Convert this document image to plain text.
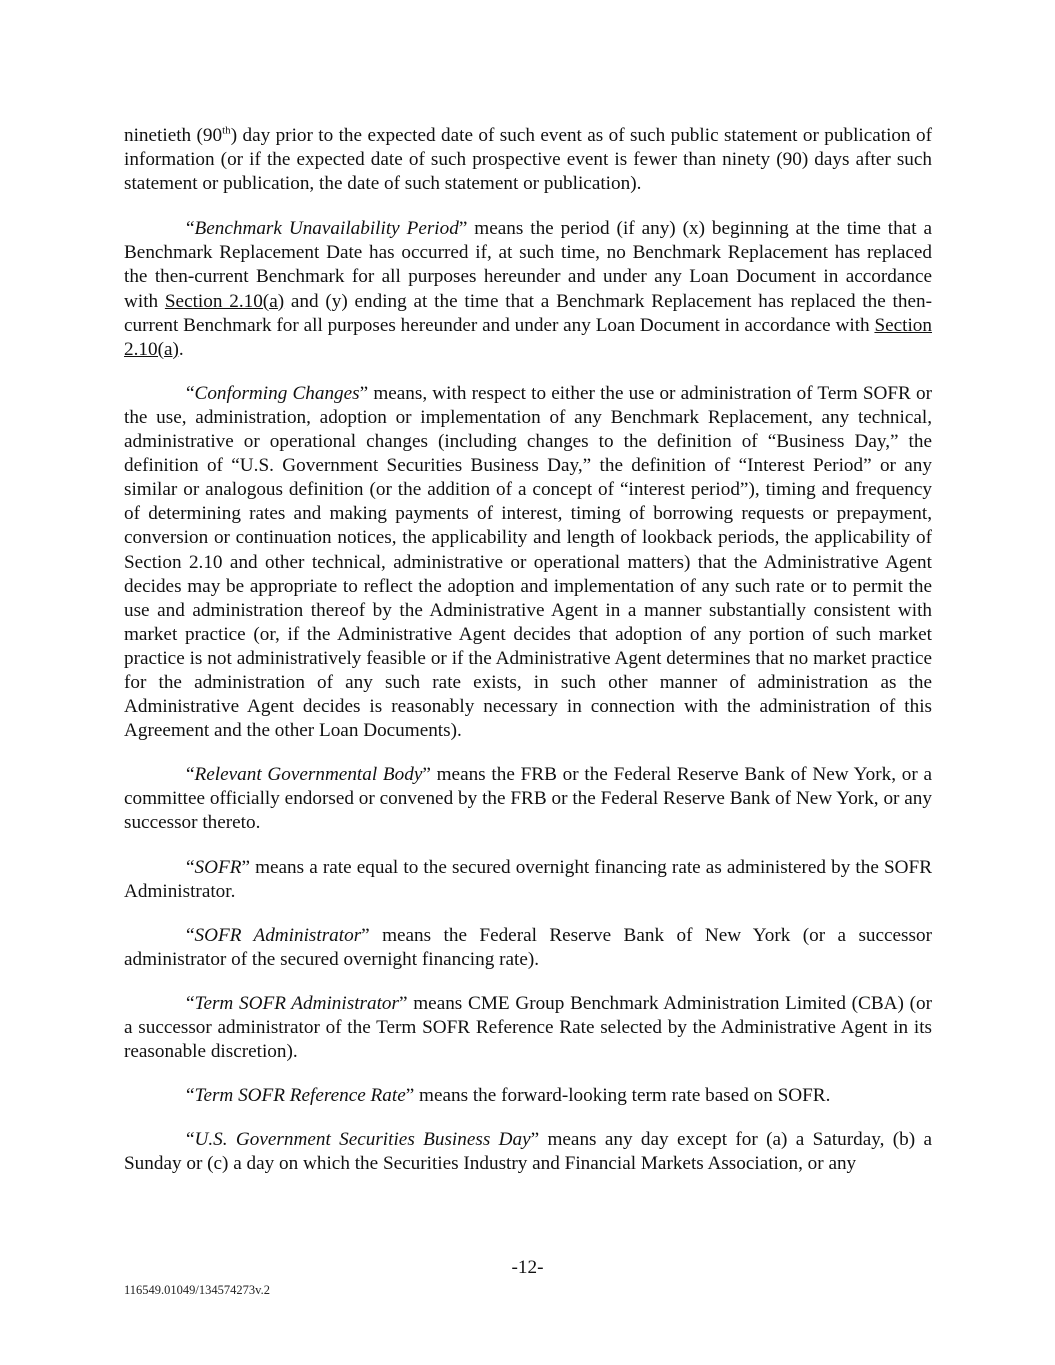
ninetieth (90th) day prior to the expected date of such event as of such public statement or publication of information (or if the expected date of such prospective event is fewer than ninety (90) days after such statement or publication, the date of such statement or publication).

“Benchmark Unavailability Period” means the period (if any) (x) beginning at the time that a Benchmark Replacement Date has occurred if, at such time, no Benchmark Replacement has replaced the then-current Benchmark for all purposes hereunder and under any Loan Document in accordance with Section 2.10(a) and (y) ending at the time that a Benchmark Replacement has replaced the then-current Benchmark for all purposes hereunder and under any Loan Document in accordance with Section 2.10(a).

“Conforming Changes” means, with respect to either the use or administration of Term SOFR or the use, administration, adoption or implementation of any Benchmark Replacement, any technical, administrative or operational changes (including changes to the definition of “Business Day,” the definition of “U.S. Government Securities Business Day,” the definition of “Interest Period” or any similar or analogous definition (or the addition of a concept of “interest period”), timing and frequency of determining rates and making payments of interest, timing of borrowing requests or prepayment, conversion or continuation notices, the applicability and length of lookback periods, the applicability of Section 2.10 and other technical, administrative or operational matters) that the Administrative Agent decides may be appropriate to reflect the adoption and implementation of any such rate or to permit the use and administration thereof by the Administrative Agent in a manner substantially consistent with market practice (or, if the Administrative Agent decides that adoption of any portion of such market practice is not administratively feasible or if the Administrative Agent determines that no market practice for the administration of any such rate exists, in such other manner of administration as the Administrative Agent decides is reasonably necessary in connection with the administration of this Agreement and the other Loan Documents).

“Relevant Governmental Body” means the FRB or the Federal Reserve Bank of New York, or a committee officially endorsed or convened by the FRB or the Federal Reserve Bank of New York, or any successor thereto.

“SOFR” means a rate equal to the secured overnight financing rate as administered by the SOFR Administrator.

“SOFR Administrator” means the Federal Reserve Bank of New York (or a successor administrator of the secured overnight financing rate).

“Term SOFR Administrator” means CME Group Benchmark Administration Limited (CBA) (or a successor administrator of the Term SOFR Reference Rate selected by the Administrative Agent in its reasonable discretion).

“Term SOFR Reference Rate” means the forward-looking term rate based on SOFR.

“U.S. Government Securities Business Day” means any day except for (a) a Saturday, (b) a Sunday or (c) a day on which the Securities Industry and Financial Markets Association, or any

-12-
116549.01049/134574273v.2
